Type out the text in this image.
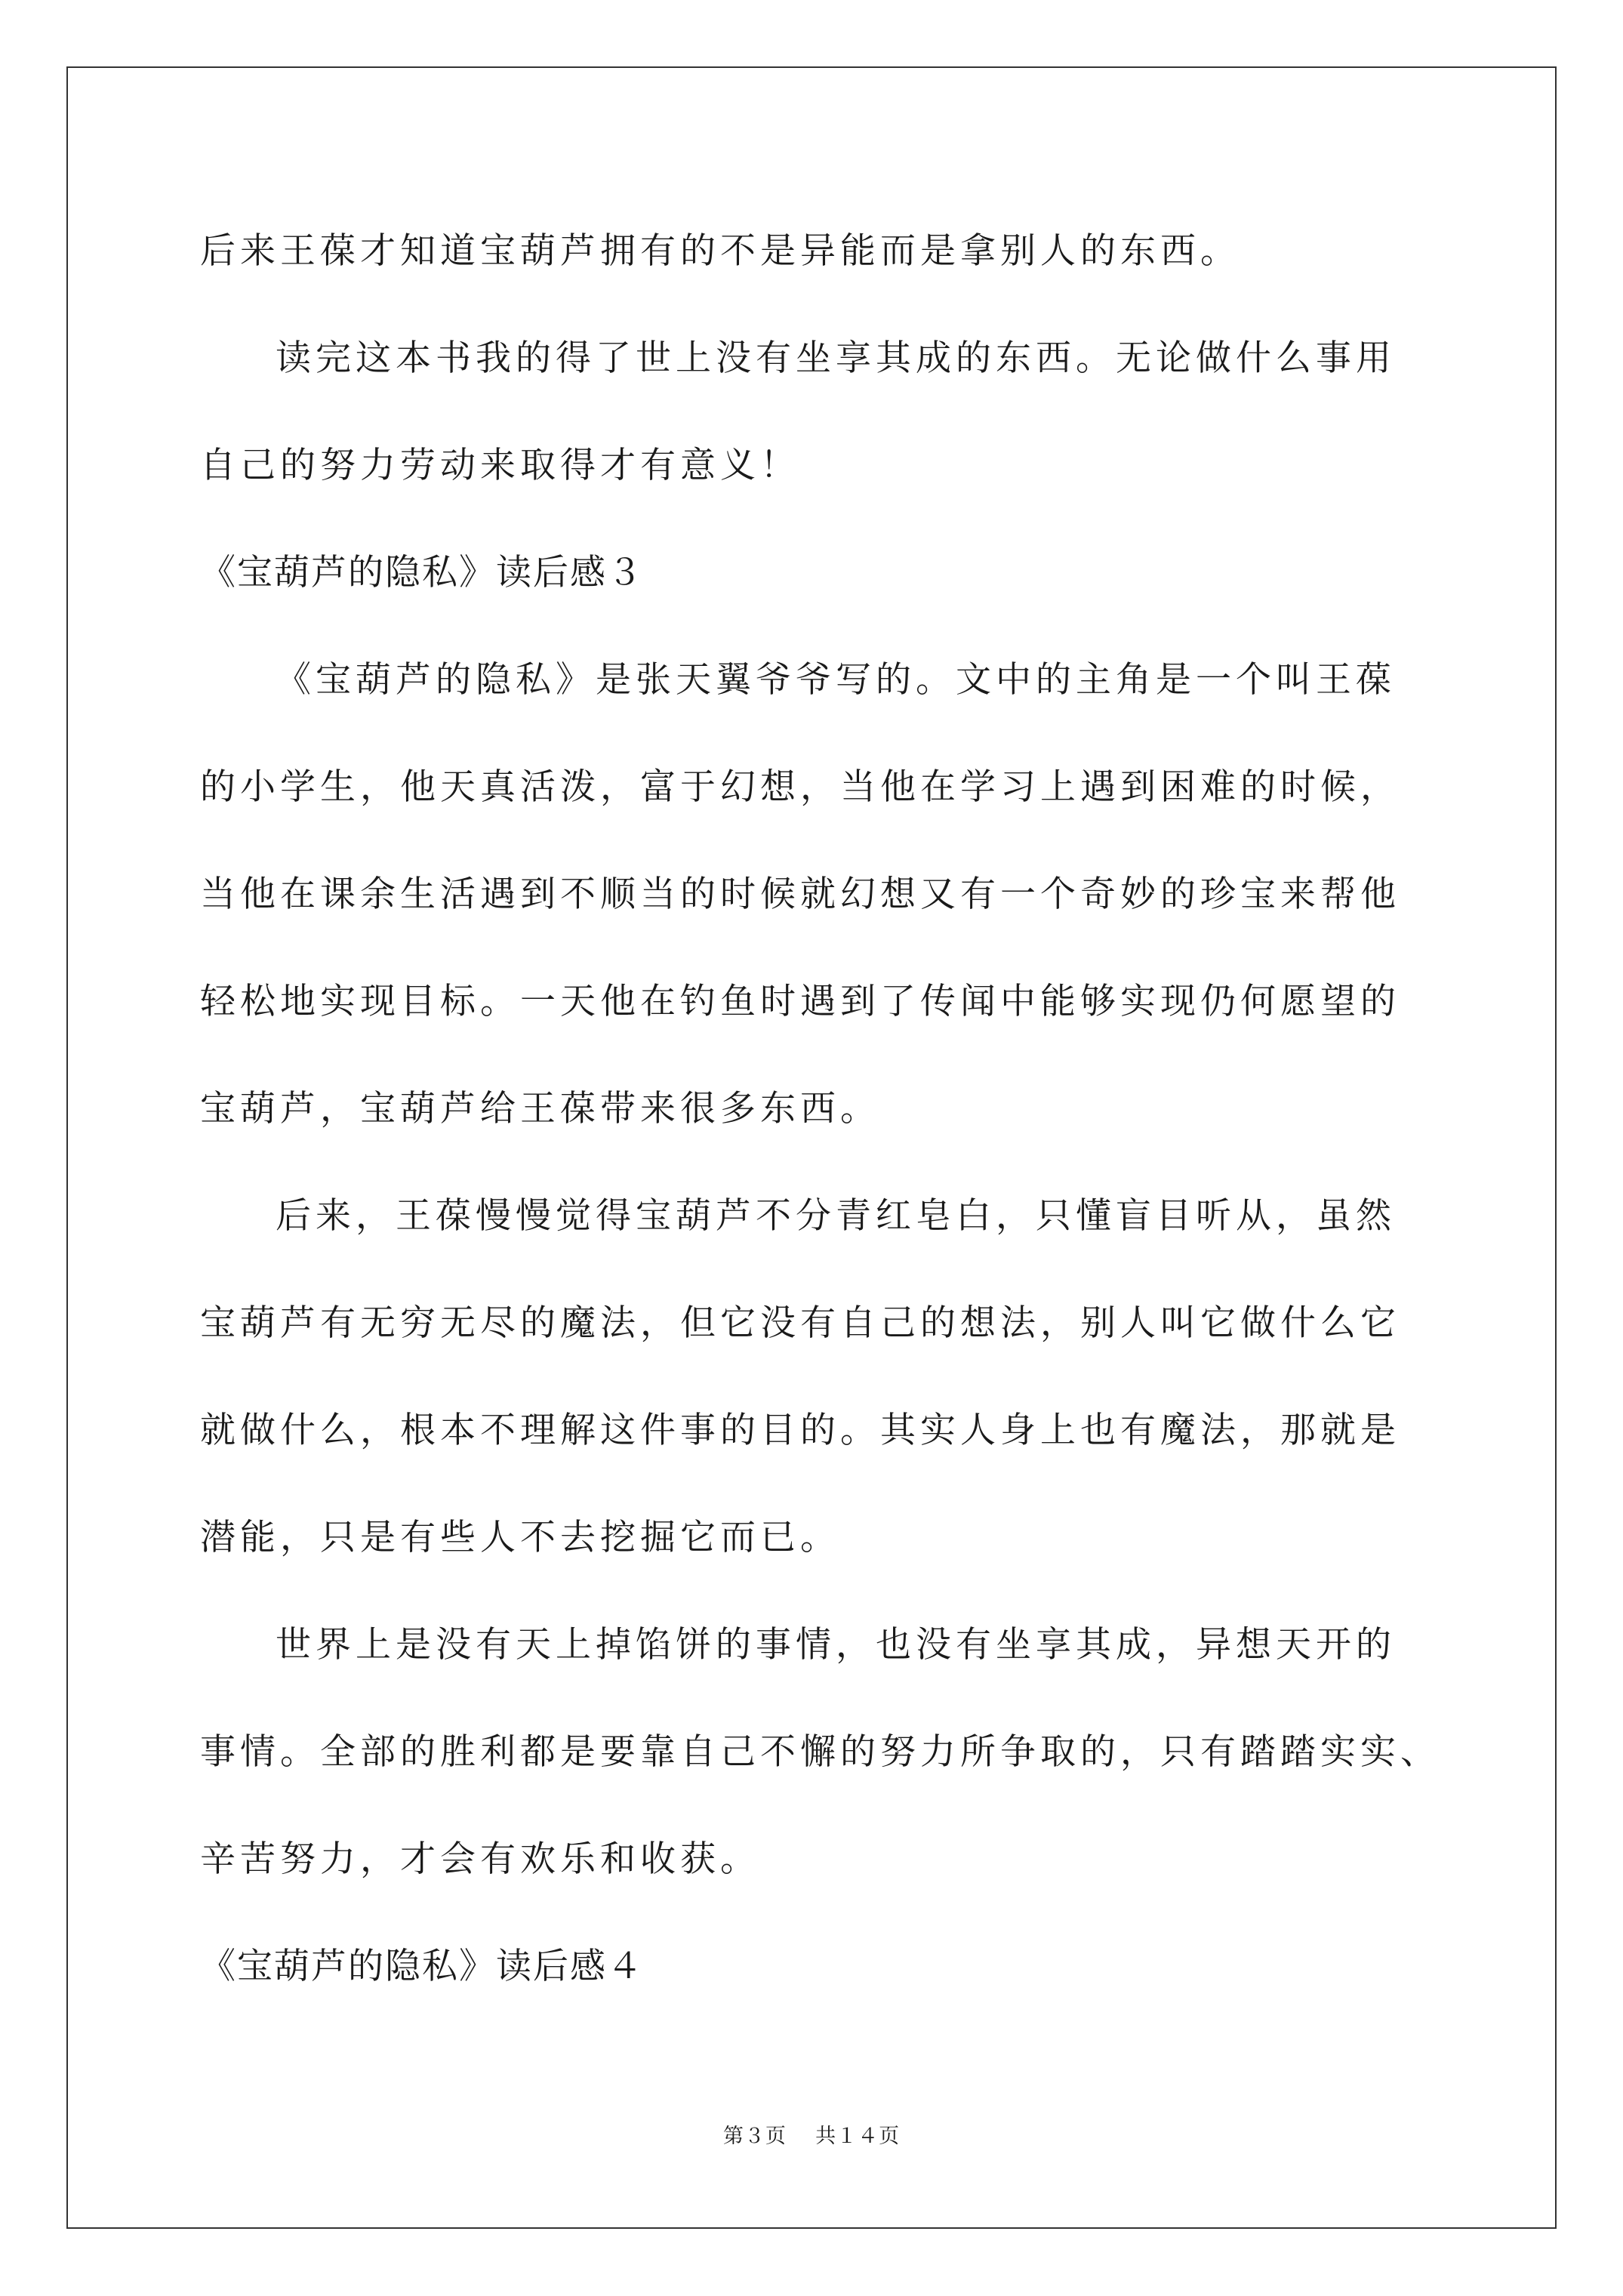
后来王葆才知道宝葫芦拥有的不是异能而是拿别人的东西。
读完这本书我的得了世上没有坐享其成的东西。无论做什么事用
自己的努力劳动来取得才有意义！
《宝葫芦的隐私》读后感３
《宝葫芦的隐私》是张天翼爷爷写的。文中的主角是一个叫王葆
的小学生，他天真活泼，富于幻想，当他在学习上遇到困难的时候，
当他在课余生活遇到不顺当的时候就幻想又有一个奇妙的珍宝来帮他
轻松地实现目标。一天他在钓鱼时遇到了传闻中能够实现仍何愿望的
宝葫芦，宝葫芦给王葆带来很多东西。
后来，王葆慢慢觉得宝葫芦不分青红皂白，只懂盲目听从，虽然
宝葫芦有无穷无尽的魔法，但它没有自己的想法，别人叫它做什么它
就做什么，根本不理解这件事的目的。其实人身上也有魔法，那就是
潜能，只是有些人不去挖掘它而已。
世界上是没有天上掉馅饼的事情，也没有坐享其成，异想天开的
事情。全部的胜利都是要靠自己不懈的努力所争取的，只有踏踏实实、
辛苦努力，才会有欢乐和收获。
《宝葫芦的隐私》读后感４
第３页 共１４页
